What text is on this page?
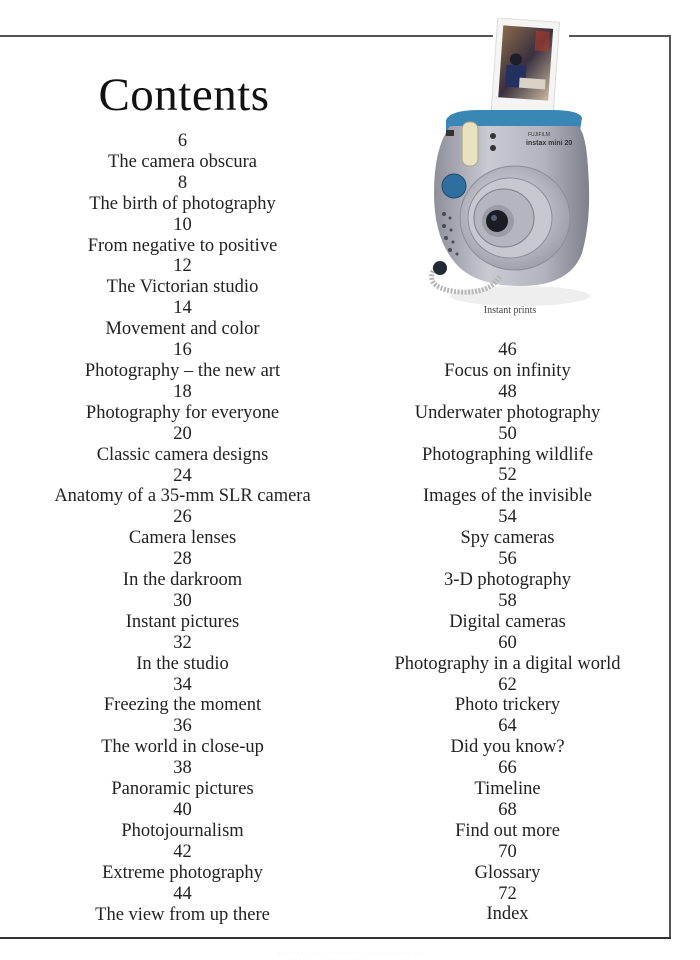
Contents
6
The camera obscura
8
The birth of photography
10
From negative to positive
12
The Victorian studio
14
Movement and color
16
Photography – the new art
18
Photography for everyone
20
Classic camera designs
24
Anatomy of a 35-mm SLR camera
26
Camera lenses
28
In the darkroom
30
Instant pictures
32
In the studio
34
Freezing the moment
36
The world in close-up
38
Panoramic pictures
40
Photojournalism
42
Extreme photography
44
The view from up there
46
Focus on infinity
48
Underwater photography
50
Photographing wildlife
52
Images of the invisible
54
Spy cameras
56
3-D photography
58
Digital cameras
60
Photography in a digital world
62
Photo trickery
64
Did you know?
66
Timeline
68
Find out more
70
Glossary
72
Index
FUJIFILM
instax mini 20
Instant prints
········ ··· ····· ···· ······· ········
